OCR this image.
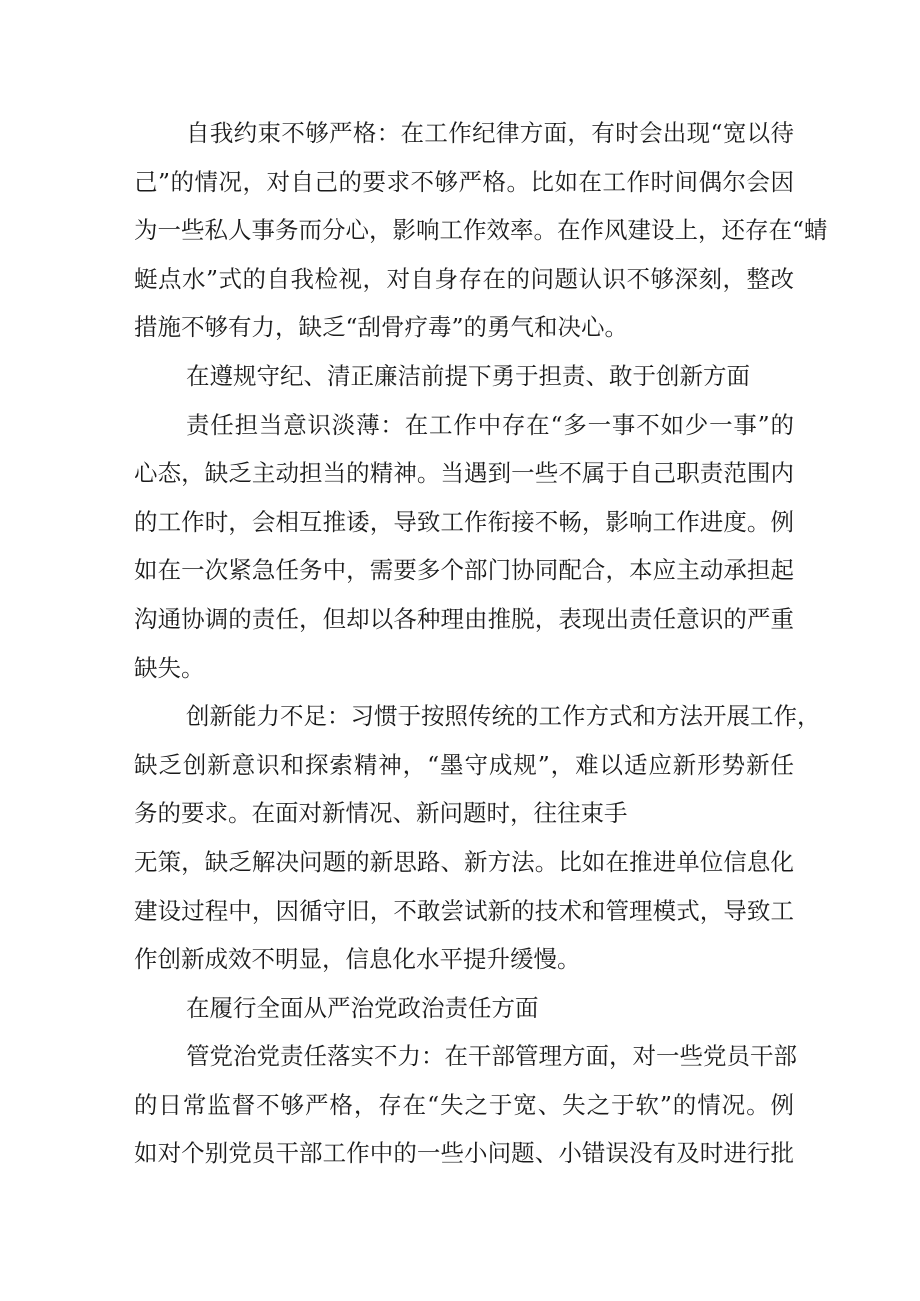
自我约束不够严格：在工作纪律方面，有时会出现“宽以待
己”的情况，对自己的要求不够严格。比如在工作时间偶尔会因
为一些私人事务而分心，影响工作效率。在作风建设上，还存在“蜻
蜓点水”式的自我检视，对自身存在的问题认识不够深刻，整改
措施不够有力，缺乏“刮骨疗毒”的勇气和决心。
在遵规守纪、清正廉洁前提下勇于担责、敢于创新方面
责任担当意识淡薄：在工作中存在“多一事不如少一事”的
心态，缺乏主动担当的精神。当遇到一些不属于自己职责范围内
的工作时，会相互推诿，导致工作衔接不畅，影响工作进度。例
如在一次紧急任务中，需要多个部门协同配合，本应主动承担起
沟通协调的责任，但却以各种理由推脱，表现出责任意识的严重
缺失。
创新能力不足：习惯于按照传统的工作方式和方法开展工作，
缺乏创新意识和探索精神，“墨守成规”，难以适应新形势新任
务的要求。在面对新情况、新问题时，往往束手
无策，缺乏解决问题的新思路、新方法。比如在推进单位信息化
建设过程中，因循守旧，不敢尝试新的技术和管理模式，导致工
作创新成效不明显，信息化水平提升缓慢。
在履行全面从严治党政治责任方面
管党治党责任落实不力：在干部管理方面，对一些党员干部
的日常监督不够严格，存在“失之于宽、失之于软”的情况。例
如对个别党员干部工作中的一些小问题、小错误没有及时进行批
